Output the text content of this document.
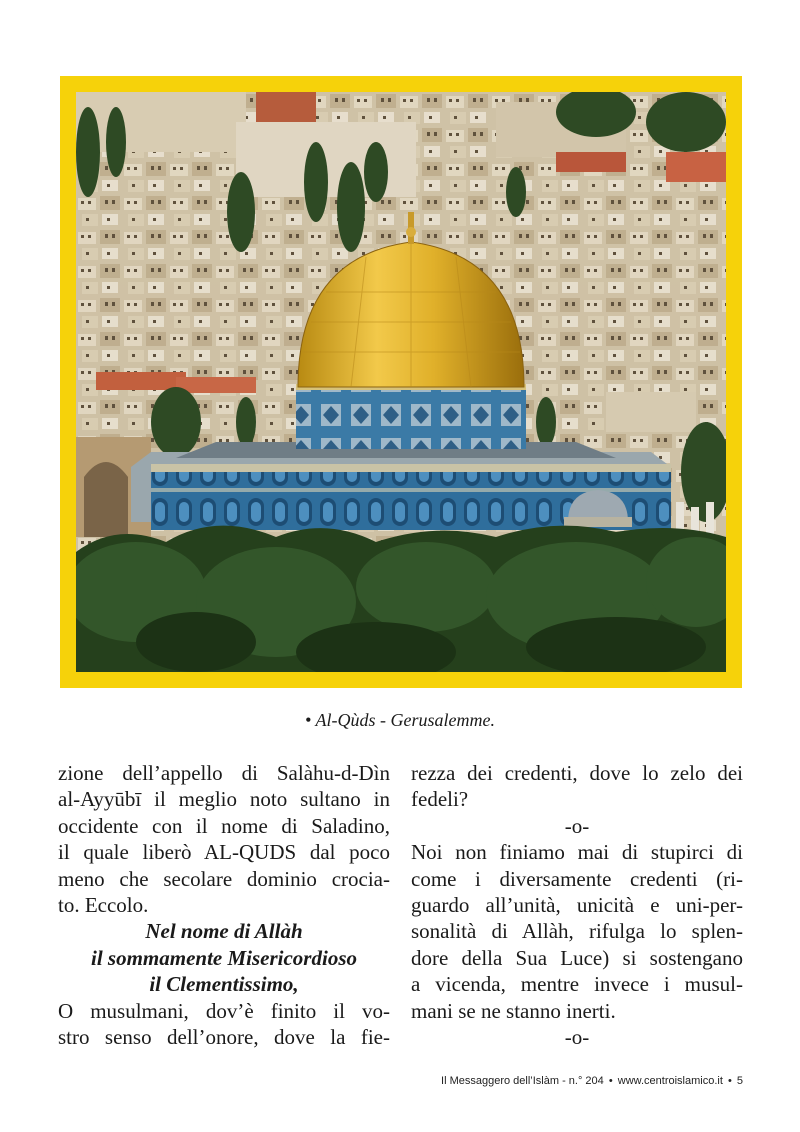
• Al-Qùds - Gerusalemme.
zione dell’appello di Salàhu-d-Dìn
al-Ayyūbī il meglio noto sultano in
occidente con il nome di Saladino,
il quale liberò AL-QUDS dal poco
meno che secolare dominio crocia-
to. Eccolo.
Nel nome di Allàh
il sommamente Misericordioso
il Clementissimo,
O musulmani, dov’è finito il vo-
stro senso dell’onore, dove la fie-
rezza dei credenti, dove lo zelo dei
fedeli?
-o-
Noi non finiamo mai di stupirci di
come i diversamente credenti (ri-
guardo all’unità, unicità e uni-per-
sonalità di Allàh, rifulga lo splen-
dore della Sua Luce) si sostengano
a vicenda, mentre invece i musul-
mani se ne stanno inerti.
-o-
Il Messaggero dell’Islàm - n.° 204 • www.centroislamico.it • 5
